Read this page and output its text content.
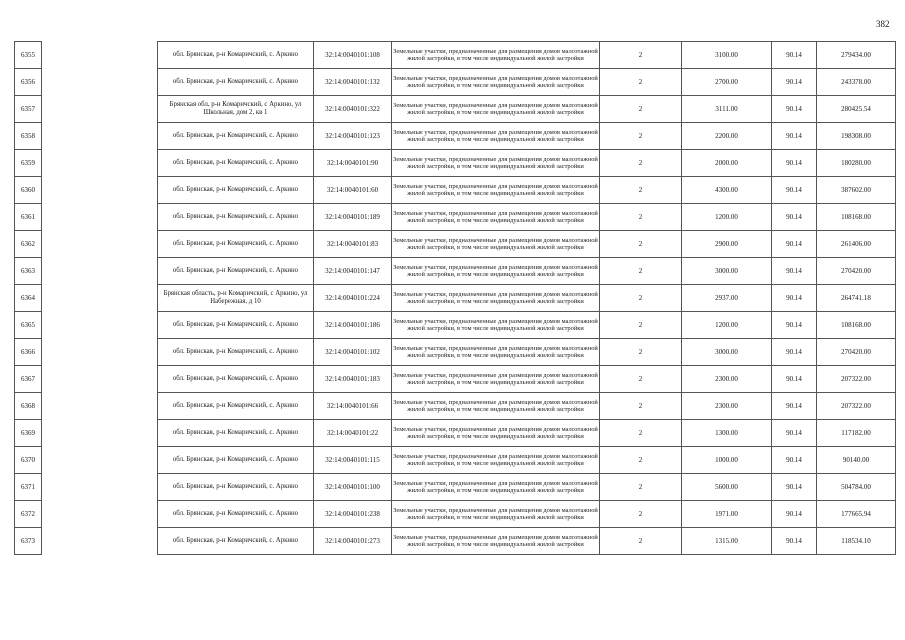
382
6355		обл. Брянская, р-н Комаричский, с. Аркино	32:14:0040101:108	Земельные участки, предназначенные для размещения домов малоэтажной жилой застройки, в том числе индивидуальной жилой застройки	2	3100.00	90.14	279434.00
6356		обл. Брянская, р-н Комаричский, с. Аркино	32:14:0040101:132	Земельные участки, предназначенные для размещения домов малоэтажной жилой застройки, в том числе индивидуальной жилой застройки	2	2700.00	90.14	243378.00
6357		Брянская обл, р-н Комаричский, с Аркино, ул Школьная, дом 2, кв 1	32:14:0040101:322	Земельные участки, предназначенные для размещения домов малоэтажной жилой застройки, в том числе индивидуальной жилой застройки	2	3111.00	90.14	280425.54
6358		обл. Брянская, р-н Комаричский, с. Аркино	32:14:0040101:123	Земельные участки, предназначенные для размещения домов малоэтажной жилой застройки, в том числе индивидуальной жилой застройки	2	2200.00	90.14	198308.00
6359		обл. Брянская, р-н Комаричский, с. Аркино	32:14:0040101:90	Земельные участки, предназначенные для размещения домов малоэтажной жилой застройки, в том числе индивидуальной жилой застройки	2	2000.00	90.14	180280.00
6360		обл. Брянская, р-н Комаричский, с. Аркино	32:14:0040101:60	Земельные участки, предназначенные для размещения домов малоэтажной жилой застройки, в том числе индивидуальной жилой застройки	2	4300.00	90.14	387602.00
6361		обл. Брянская, р-н Комаричский, с. Аркино	32:14:0040101:189	Земельные участки, предназначенные для размещения домов малоэтажной жилой застройки, в том числе индивидуальной жилой застройки	2	1200.00	90.14	108168.00
6362		обл. Брянская, р-н Комаричский, с. Аркино	32:14:0040101:83	Земельные участки, предназначенные для размещения домов малоэтажной жилой застройки, в том числе индивидуальной жилой застройки	2	2900.00	90.14	261406.00
6363		обл. Брянская, р-н Комаричский, с. Аркино	32:14:0040101:147	Земельные участки, предназначенные для размещения домов малоэтажной жилой застройки, в том числе индивидуальной жилой застройки	2	3000.00	90.14	270420.00
6364		Брянская область, р-н Комаричский, с Аркино, ул Набережная, д 10	32:14:0040101:224	Земельные участки, предназначенные для размещения домов малоэтажной жилой застройки, в том числе индивидуальной жилой застройки	2	2937.00	90.14	264741.18
6365		обл. Брянская, р-н Комаричский, с. Аркино	32:14:0040101:186	Земельные участки, предназначенные для размещения домов малоэтажной жилой застройки, в том числе индивидуальной жилой застройки	2	1200.00	90.14	108168.00
6366		обл. Брянская, р-н Комаричский, с. Аркино	32:14:0040101:102	Земельные участки, предназначенные для размещения домов малоэтажной жилой застройки, в том числе индивидуальной жилой застройки	2	3000.00	90.14	270420.00
6367		обл. Брянская, р-н Комаричский, с. Аркино	32:14:0040101:183	Земельные участки, предназначенные для размещения домов малоэтажной жилой застройки, в том числе индивидуальной жилой застройки	2	2300.00	90.14	207322.00
6368		обл. Брянская, р-н Комаричский, с. Аркино	32:14:0040101:66	Земельные участки, предназначенные для размещения домов малоэтажной жилой застройки, в том числе индивидуальной жилой застройки	2	2300.00	90.14	207322.00
6369		обл. Брянская, р-н Комаричский, с. Аркино	32:14:0040101:22	Земельные участки, предназначенные для размещения домов малоэтажной жилой застройки, в том числе индивидуальной жилой застройки	2	1300.00	90.14	117182.00
6370		обл. Брянская, р-н Комаричский, с. Аркино	32:14:0040101:115	Земельные участки, предназначенные для размещения домов малоэтажной жилой застройки, в том числе индивидуальной жилой застройки	2	1000.00	90.14	90140.00
6371		обл. Брянская, р-н Комаричский, с. Аркино	32:14:0040101:100	Земельные участки, предназначенные для размещения домов малоэтажной жилой застройки, в том числе индивидуальной жилой застройки	2	5600.00	90.14	504784.00
6372		обл. Брянская, р-н Комаричский, с. Аркино	32:14:0040101:238	Земельные участки, предназначенные для размещения домов малоэтажной жилой застройки, в том числе индивидуальной жилой застройки	2	1971.00	90.14	177665.94
6373		обл. Брянская, р-н Комаричский, с. Аркино	32:14:0040101:273	Земельные участки, предназначенные для размещения домов малоэтажной жилой застройки, в том числе индивидуальной жилой застройки	2	1315.00	90.14	118534.10
